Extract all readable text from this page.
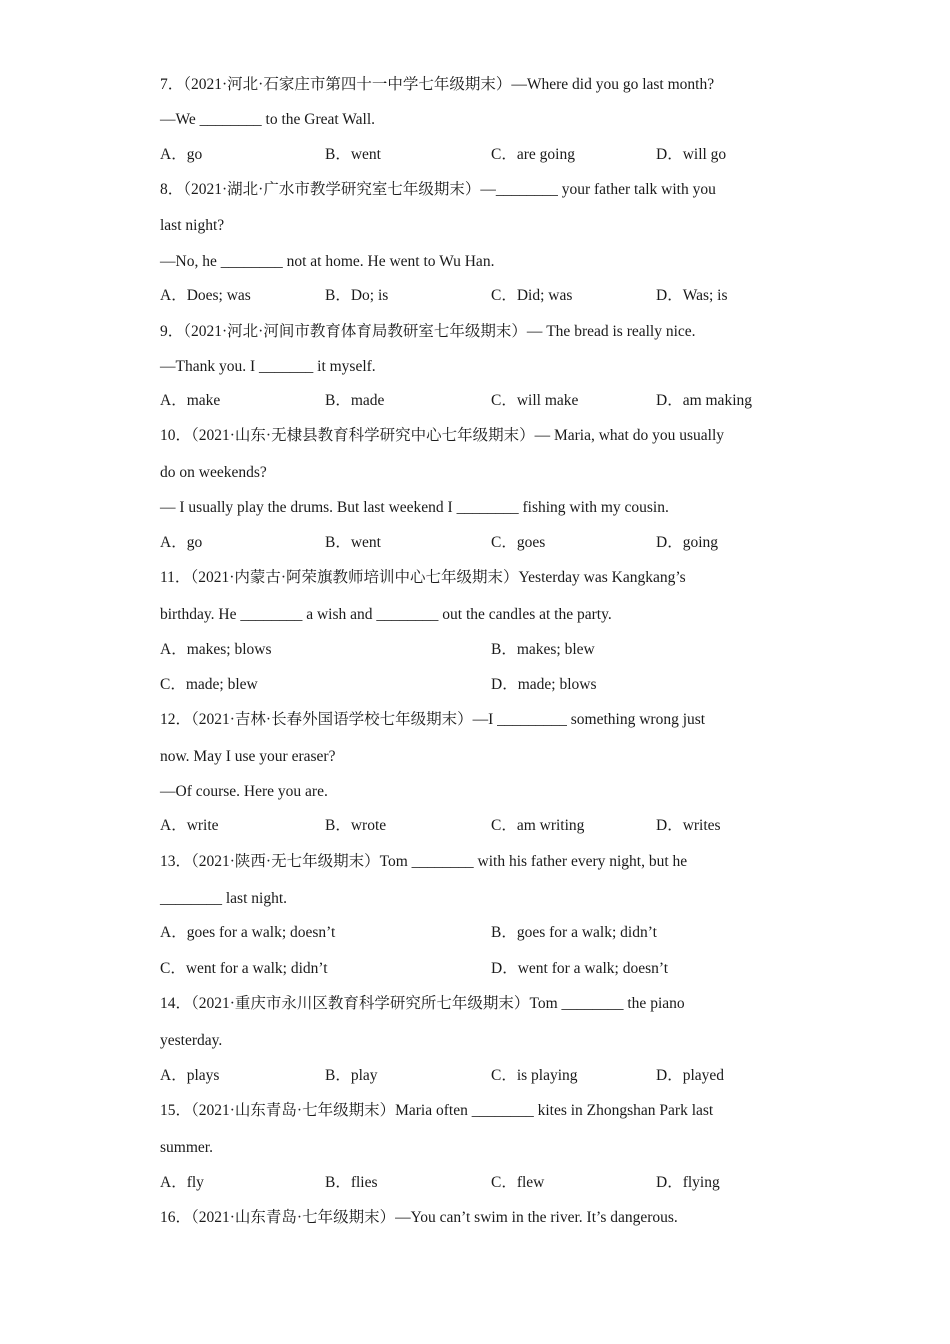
7．（2021·河北·石家庄市第四十一中学七年级期末）—Where did you go last month?
—We ________ to the Great Wall.
A．go	B．went	C．are going	D．will go
8．（2021·湖北·广水市教学研究室七年级期末）—________ your father talk with you
last night?
—No, he ________ not at home. He went to Wu Han.
A．Does; was	B．Do; is	C．Did; was	D．Was; is
9．（2021·河北·河间市教育体育局教研室七年级期末）— The bread is really nice.
—Thank you. I _______ it myself.
A．make	B．made	C．will make	D．am making
10．（2021·山东·无棣县教育科学研究中心七年级期末）— Maria, what do you usually
do on weekends?
— I usually play the drums. But last weekend I ________ fishing with my cousin.
A．go	B．went	C．goes	D．going
11．（2021·内蒙古·阿荣旗教师培训中心七年级期末）Yesterday was Kangkang’s
birthday. He ________ a wish and ________ out the candles at the party.
A．makes; blows	B．makes; blew
C．made; blew	D．made; blows
12．（2021·吉林·长春外国语学校七年级期末）—I _________ something wrong just
now. May I use your eraser?
—Of course. Here you are.
A．write	B．wrote	C．am writing	D．writes
13．（2021·陕西·无七年级期末）Tom ________ with his father every night, but he
________ last night.
A．goes for a walk; doesn’t	B．goes for a walk; didn’t
C．went for a walk; didn’t	D．went for a walk; doesn’t
14．（2021·重庆市永川区教育科学研究所七年级期末）Tom ________ the piano
yesterday.
A．plays	B．play	C．is playing	D．played
15．（2021·山东青岛·七年级期末）Maria often ________ kites in Zhongshan Park last
summer.
A．fly	B．flies	C．flew	D．flying
16．（2021·山东青岛·七年级期末）—You can’t swim in the river. It’s dangerous.
